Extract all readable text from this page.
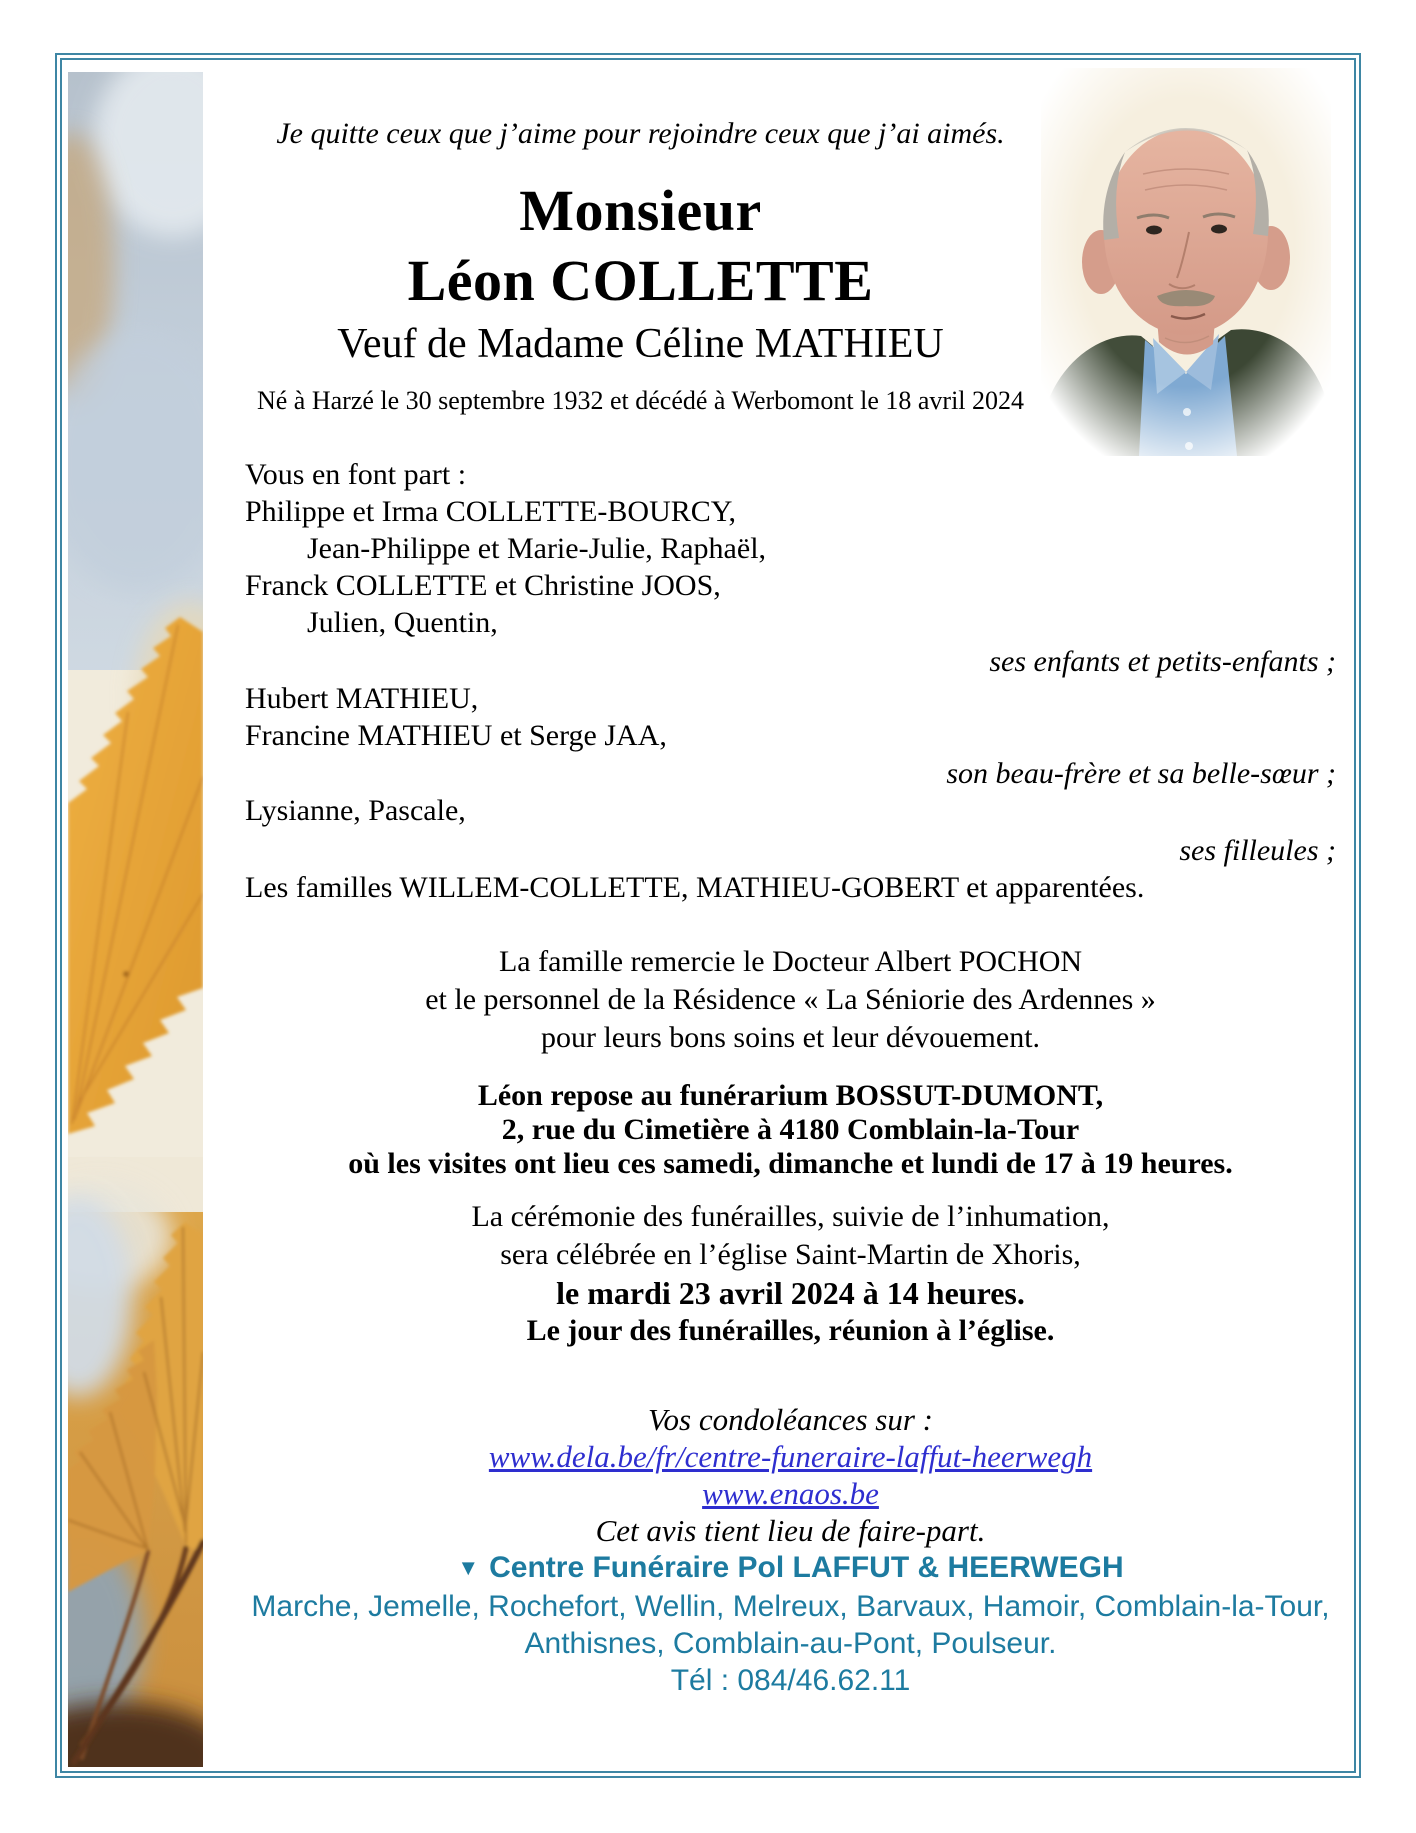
Je quitte ceux que j’aime pour rejoindre ceux que j’ai aimés.

Monsieur
Léon COLLETTE
Veuf de Madame Céline MATHIEU

Né à Harzé le 30 septembre 1932 et décédé à Werbomont le 18 avril 2024

Vous en font part :

Philippe et Irma COLLETTE-BOURCY,

Jean-Philippe et Marie-Julie, Raphaël,

Franck COLLETTE et Christine JOOS,

Julien, Quentin,

ses enfants et petits-enfants ;

Hubert MATHIEU,

Francine MATHIEU et Serge JAA,

son beau-frère et sa belle-sœur ;

Lysianne, Pascale,

ses filleules ;

Les familles WILLEM-COLLETTE, MATHIEU-GOBERT et apparentées.

La famille remercie le Docteur Albert POCHON

et le personnel de la Résidence « La Séniorie des Ardennes »

pour leurs bons soins et leur dévouement.

Léon repose au funérarium BOSSUT-DUMONT,

2, rue du Cimetière à 4180 Comblain-la-Tour

où les visites ont lieu ces samedi, dimanche et lundi de 17 à 19 heures.

La cérémonie des funérailles, suivie de l’inhumation,

sera célébrée en l’église Saint-Martin de Xhoris,

le mardi 23 avril 2024 à 14 heures.

Le jour des funérailles, réunion à l’église.

Vos condoléances sur :

www.dela.be/fr/centre-funeraire-laffut-heerwegh
www.enaos.be

Cet avis tient lieu de faire-part.

▼ Centre Funéraire Pol LAFFUT & HEERWEGH

Marche, Jemelle, Rochefort, Wellin, Melreux, Barvaux, Hamoir, Comblain-la-Tour, Anthisnes, Comblain-au-Pont, Poulseur.

Tél : 084/46.62.11
